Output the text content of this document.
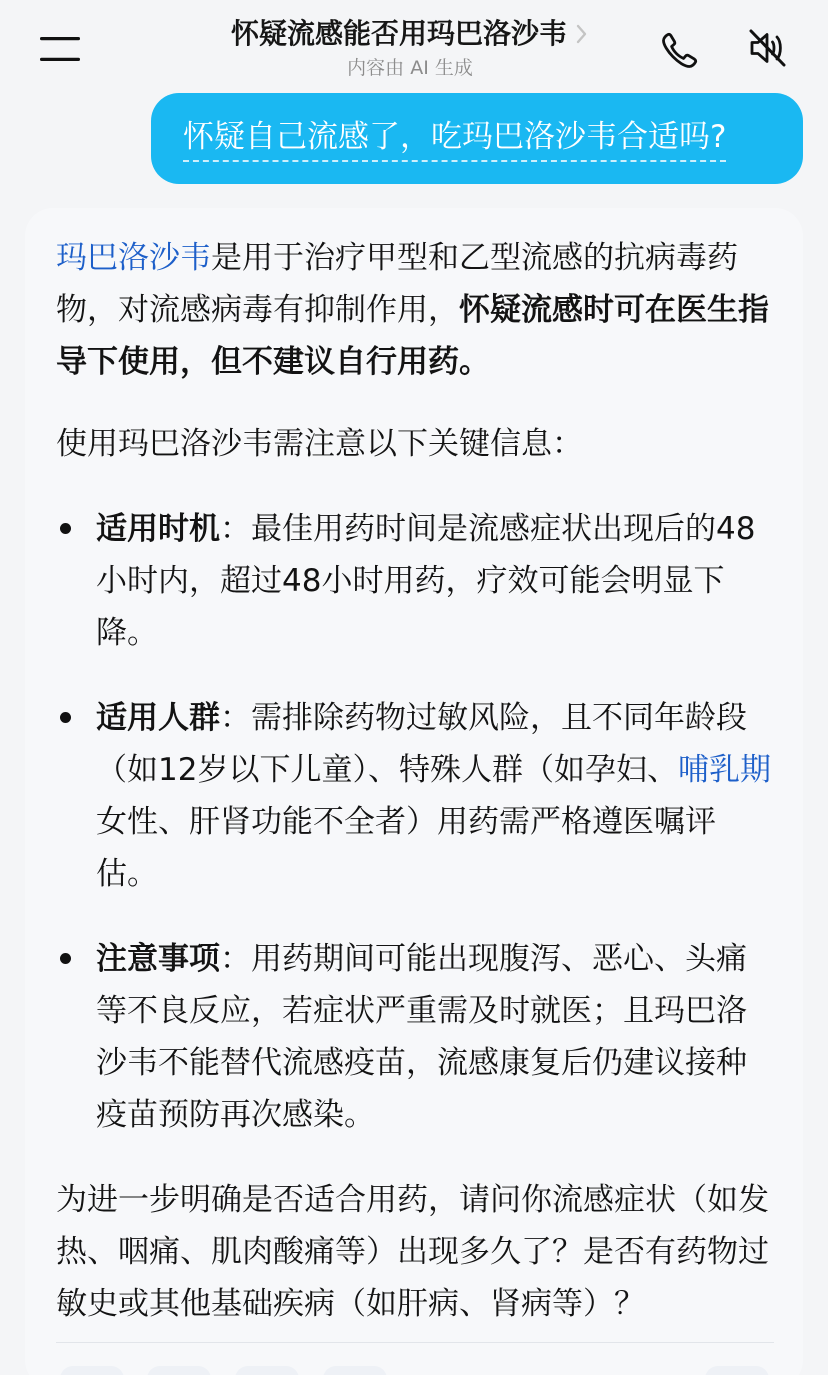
怀疑流感能否用玛巴洛沙韦
内容由 AI 生成
怀疑自己流感了，吃玛巴洛沙韦合适吗?

玛巴洛沙韦是用于治疗甲型和乙型流感的抗病毒药物，对流感病毒有抑制作用，怀疑流感时可在医生指导下使用，但不建议自行用药。

使用玛巴洛沙韦需注意以下关键信息：

适用时机：最佳用药时间是流感症状出现后的48小时内，超过48小时用药，疗效可能会明显下降。

适用人群：需排除药物过敏风险，且不同年龄段（如12岁以下儿童）、特殊人群（如孕妇、哺乳期女性、肝肾功能不全者）用药需严格遵医嘱评估。

注意事项：用药期间可能出现腹泻、恶心、头痛等不良反应，若症状严重需及时就医；且玛巴洛沙韦不能替代流感疫苗，流感康复后仍建议接种疫苗预防再次感染。

为进一步明确是否适合用药，请问你流感症状（如发热、咽痛、肌肉酸痛等）出现多久了？是否有药物过敏史或其他基础疾病（如肝病、肾病等）？
